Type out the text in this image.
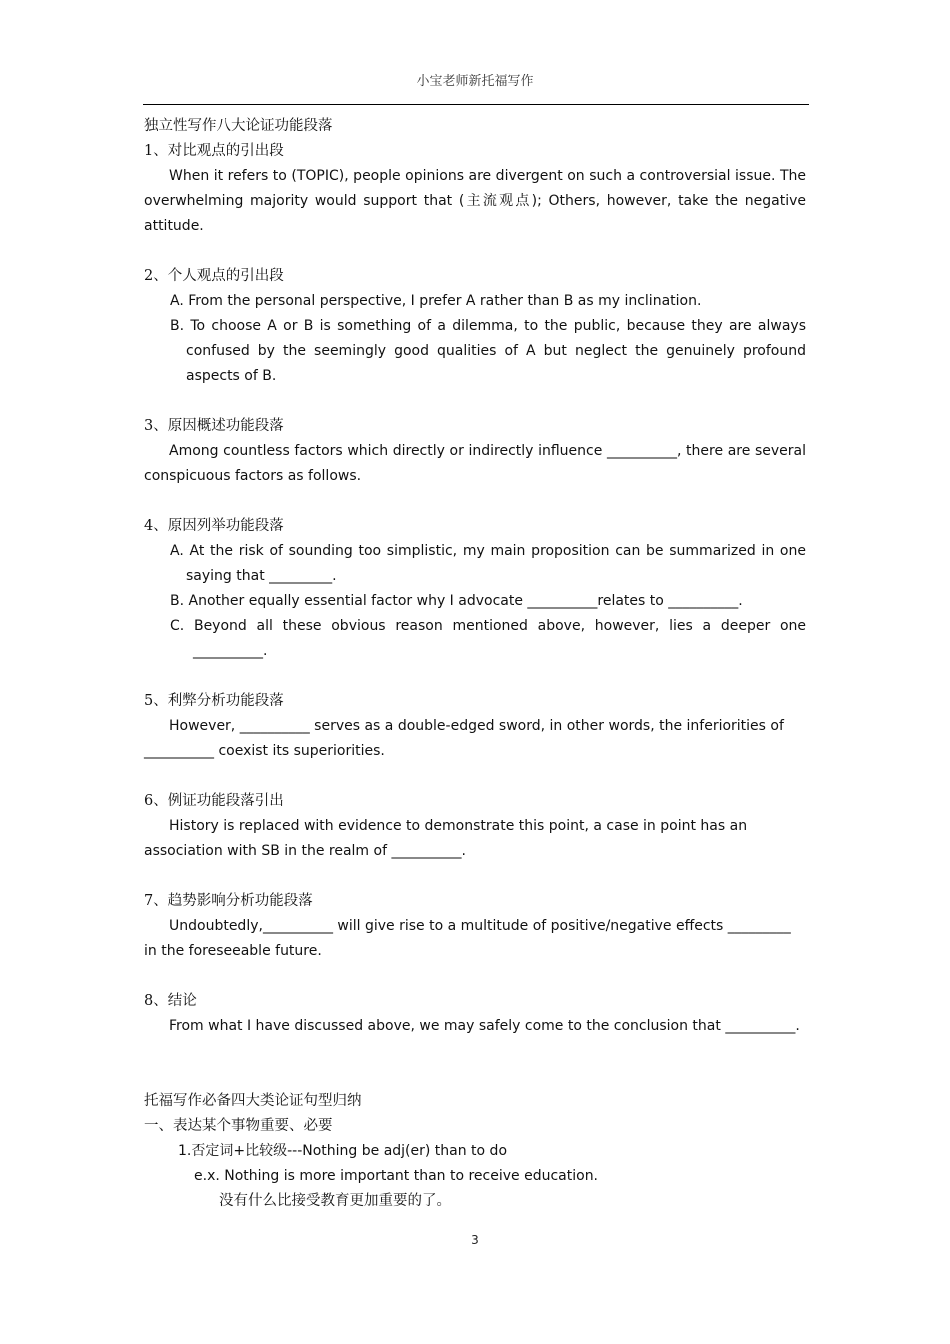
小宝老师新托福写作

独立性写作八大论证功能段落

1、对比观点的引出段

When it refers to (TOPIC), people opinions are divergent on such a controversial issue. The overwhelming majority would support that (主流观点); Others, however, take the negative attitude.

2、个人观点的引出段

A. From the personal perspective, I prefer A rather than B as my inclination.

B. To choose A or B is something of a dilemma, to the public, because they are always confused by the seemingly good qualities of A but neglect the genuinely profound aspects of B.

3、原因概述功能段落

Among countless factors which directly or indirectly influence __________, there are several conspicuous factors as follows.

4、原因列举功能段落

A. At the risk of sounding too simplistic, my main proposition can be summarized in one saying that _________.

B. Another equally essential factor why I advocate __________relates to __________.

C. Beyond all these obvious reason mentioned above, however, lies a deeper one __________.

5、利弊分析功能段落

However, __________ serves as a double-edged sword, in other words, the inferiorities of __________ coexist its superiorities.

6、例证功能段落引出

History is replaced with evidence to demonstrate this point, a case in point has an association with SB in the realm of __________.

7、趋势影响分析功能段落

Undoubtedly,__________ will give rise to a multitude of positive/negative effects _________ in the foreseeable future.

8、结论

From what I have discussed above, we may safely come to the conclusion that __________.

托福写作必备四大类论证句型归纳

一、表达某个事物重要、必要

1.否定词+比较级---Nothing be adj(er) than to do

e.x. Nothing is more important than to receive education.

没有什么比接受教育更加重要的了。

3
